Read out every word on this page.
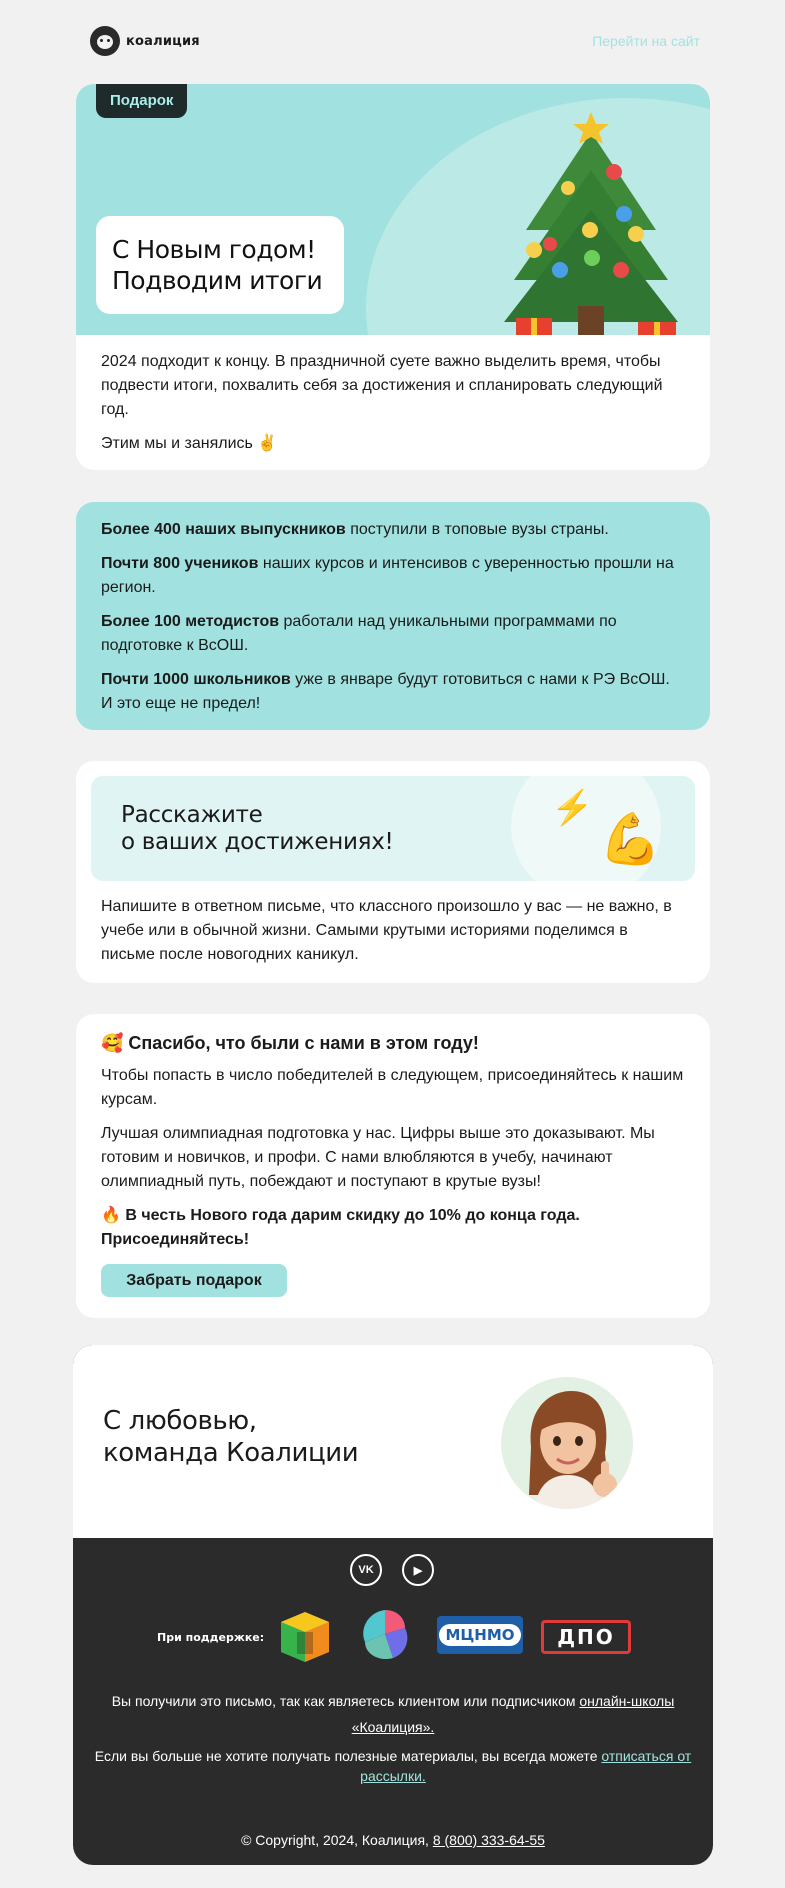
коалиция	Перейти на сайт
Подарок
С Новым годом!
Подводим итоги

2024 подходит к концу. В праздничной суете важно выделить время, чтобы подвести итоги, похвалить себя за достижения и спланировать следующий год.

Этим мы и занялись ✌️

Более 400 наших выпускников поступили в топовые вузы страны.

Почти 800 учеников наших курсов и интенсивов с уверенностью прошли на регион.

Более 100 методистов работали над уникальными программами по подготовке к ВсОШ.

Почти 1000 школьников уже в январе будут готовиться с нами к РЭ ВсОШ. И это еще не предел!

Расскажите
о ваших достижениях!
⚡
💪
Напишите в ответном письме, что классного произошло у вас — не важно, в учебе или в обычной жизни. Самыми крутыми историями поделимся в письме после новогодних каникул.
🥰 Спасибо, что были с нами в этом году!

Чтобы попасть в число победителей в следующем, присоединяйтесь к нашим курсам.

Лучшая олимпиадная подготовка у нас. Цифры выше это доказывают. Мы готовим и новичков, и профи. С нами влюбляются в учебу, начинают олимпиадный путь, побеждают и поступают в крутые вузы!

🔥 В честь Нового года дарим скидку до 10% до конца года. Присоединяйтесь!

Забрать подарок
С любовью,
команда Коалиции
VK	▶
При поддержке:	МЦНМО	ДПО
Вы получили это письмо, так как являетесь клиентом или подписчиком онлайн-школы «Коалиция».
Если вы больше не хотите получать полезные материалы, вы всегда можете отписаться от рассылки.
© Copyright, 2024, Коалиция, 8 (800) 333-64-55
